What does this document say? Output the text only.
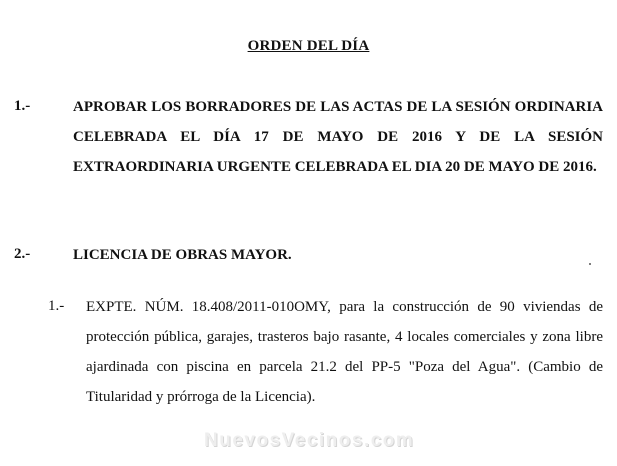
ORDEN DEL DÍA
1.-	APROBAR LOS BORRADORES DE LAS ACTAS DE LA SESIÓN ORDINARIA CELEBRADA EL DÍA 17 DE MAYO DE 2016 Y DE LA SESIÓN EXTRAORDINARIA URGENTE CELEBRADA EL DIA 20 DE MAYO DE 2016.
2.-	LICENCIA DE OBRAS MAYOR.
1.- EXPTE. NÚM. 18.408/2011-010OMY, para la construcción de 90 viviendas de protección pública, garajes, trasteros bajo rasante, 4 locales comerciales y zona libre ajardinada con piscina en parcela 21.2 del PP-5 "Poza del Agua". (Cambio de Titularidad y prórroga de la Licencia).
NuevosVecinos.com
